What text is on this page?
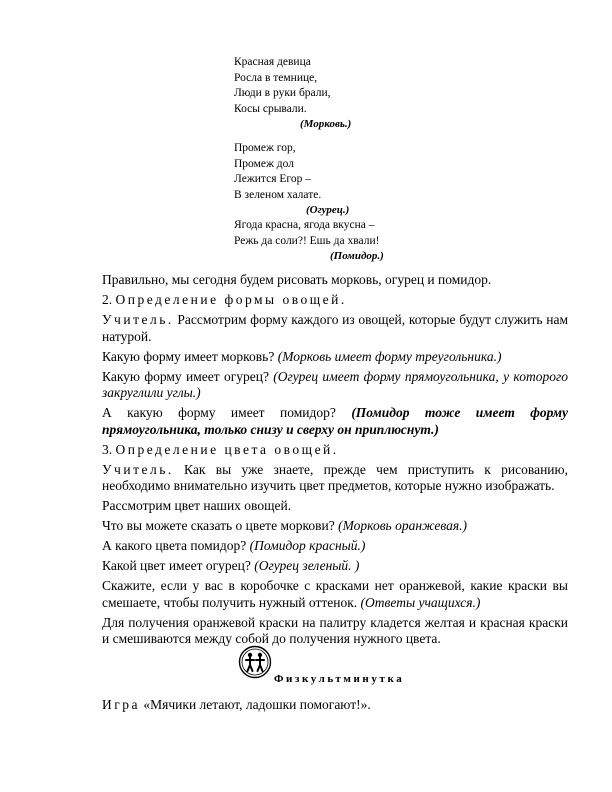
Красная девица
Росла в темнице,
Люди в руки брали,
Косы срывали.
(Морковь.)
Промеж гор,
Промеж дол
Лежится Егор –
В зеленом халате.
(Огурец.)
Ягода красна, ягода вкусна –
Режь да соли?! Ешь да хвали!
(Помидор.)

Правильно, мы сегодня будем рисовать морковь, огурец и помидор.

2. Определение формы овощей.

Учитель. Рассмотрим форму каждого из овощей, которые будут служить нам натурой.

Какую форму имеет морковь? (Морковь имеет форму треугольника.)

Какую форму имеет огурец? (Огурец имеет форму прямоугольника, у которого закруглили углы.)

А какую форму имеет помидор? (Помидор тоже имеет форму прямоугольника, только снизу и сверху он приплюснут.)

3. Определение цвета овощей.

Учитель. Как вы уже знаете, прежде чем приступить к рисованию, необходимо внимательно изучить цвет предметов, которые нужно изображать.

Рассмотрим цвет наших овощей.

Что вы можете сказать о цвете моркови? (Морковь оранжевая.)

А какого цвета помидор? (Помидор красный.)

Какой цвет имеет огурец? (Огурец зеленый. )

Скажите, если у вас в коробочке с красками нет оранжевой, какие краски вы смешаете, чтобы получить нужный оттенок. (Ответы учащихся.)

Для получения оранжевой краски на палитру кладется желтая и красная краски и смешиваются между собой до получения нужного цвета.

Физкультминутка
Игра «Мячики летают, ладошки помогают!».
